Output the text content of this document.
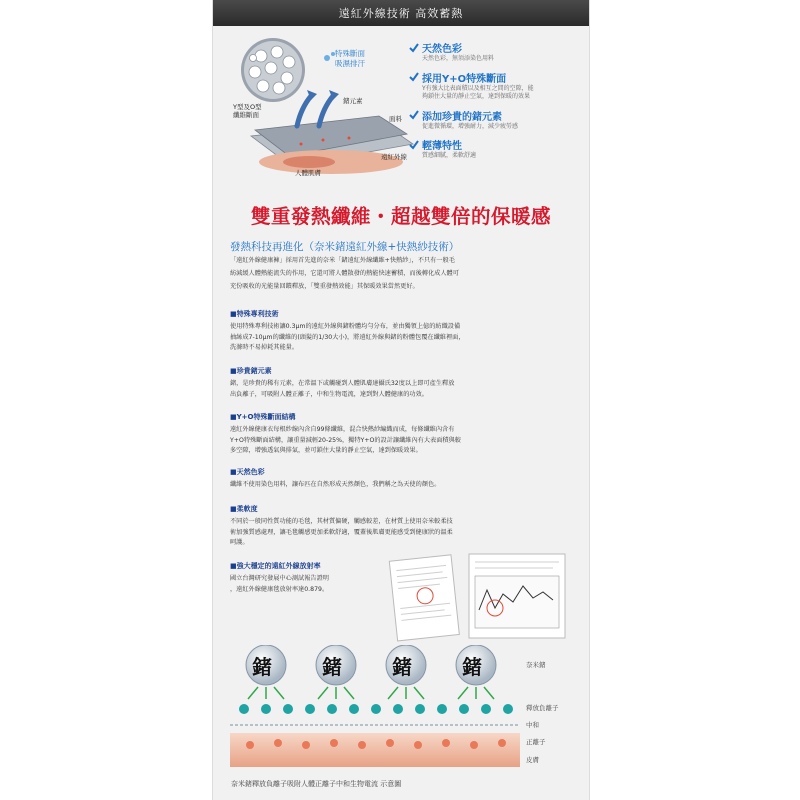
遠紅外線技術 高效蓄熱
特殊斷面
吸濕排汗
Y型及O型
纖維斷面
鍺元素
面料
遠紅外線
人體肌膚
天然色彩
天然色彩，無須添染色用料
採用Y+O特殊斷面
Y有強大比表面積以及相互之間的空隙，能
夠鎖住大量的靜止空氣，達到保暖的效果
添加珍貴的鍺元素
促進微循環，增強耐力，減少疲勞感
輕薄特性
質感細膩，柔軟舒適
雙重發熱纖維・超越雙倍的保暖感
發熱科技再進化（奈米鍺遠紅外線+快熱紗技術）
「遠紅外線健康褲」採用首先進的奈米「鍺遠紅外線纖維+快熱紗」，不只有一般毛
紡減緩人體熱能流失的作用，它還可將人體散發的熱能快速蓄積，而後轉化成人體可
充份吸收的光能量回饋釋放，「雙重發熱效能」其保暖效果當然更好。
■特殊專利技術
使用特殊專利技術讓0.3μm的遠紅外線與鍺粉體均勻分布，並由獨領上億的紡織設備
抽絲成7-10μm的纖維的(頭髮的1/30大小)，將遠紅外線與鍺的粉體包覆在纖維裡面，
洗滌時不易掉耗其能量。
■珍貴鍺元素
鍺，是珍貴的稀有元素，在常溫下或觸碰到人體肌膚達攝氏32度以上即可產生釋放
出負離子，可吸附人體正離子，中和生物電流，達到對人體健康的功效。
■Y+O特殊斷面結構
遠紅外線健康衣每根紗線內含自99條纖維，混合快熱紗編織而成，每條纖維內含有
Y+O特殊斷面結構，讓重量減輕20-25%，獨特Y+O的設計讓纖維內有大表面積與較
多空隙，增強透氣與排氣，並可鎖住大量的靜止空氣，達到保暖效果。
■天然色彩
纖維不使用染色用料，讓布匹在自然形成天然顏色，我們稱之為天使的顏色。
■柔軟度
不同於一般同性質功能的毛毯，其材質偏硬，觸感較差，在材質上使用奈米較柔技
術加強質感處理，讓毛毯觸感更加柔軟舒適，覆蓋後肌膚更能感受到健康狀的溫柔
呵護。
■強大穩定的遠紅外線放射率
國立台灣研究發展中心測試報告證明
，遠紅外線健康毯放射率達0.879。
鍺	鍺	鍺	鍺	奈米鍺
釋放負離子
中和
正離子
皮膚
奈米鍺釋放負離子吸附人體正離子中和生物電流 示意圖
